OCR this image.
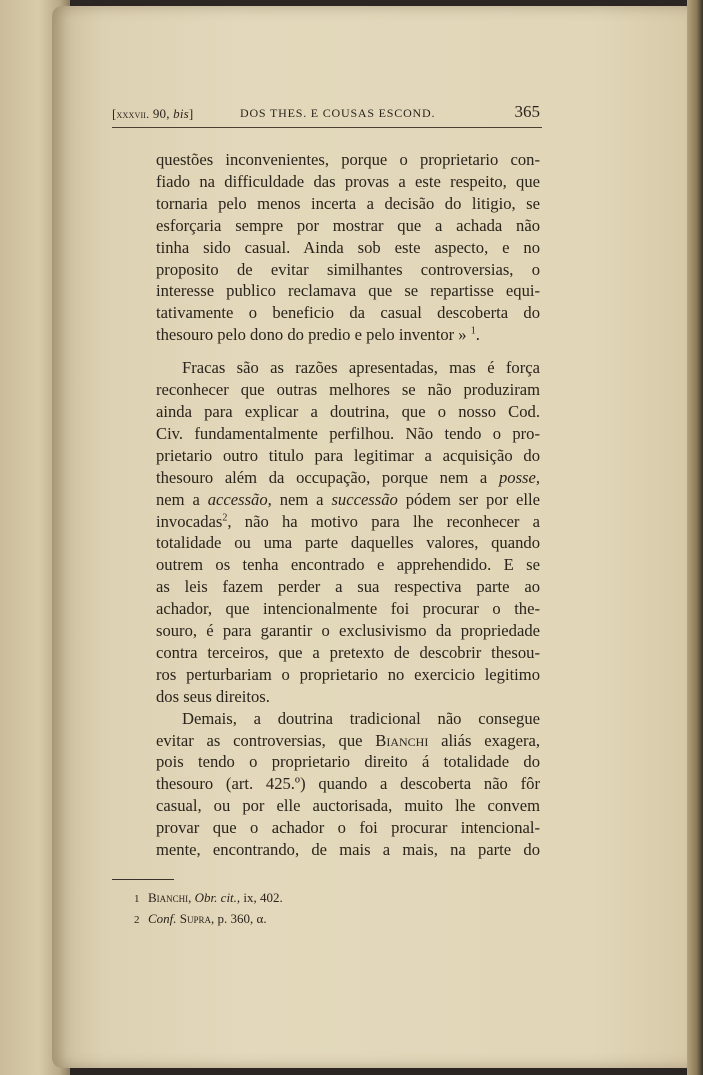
[xxxvii. 90, bis]	DOS THES. E COUSAS ESCOND.	365
questões inconvenientes, porque o proprietario con-
fiado na difficuldade das provas a este respeito, que
tornaria pelo menos incerta a decisão do litigio, se
esforçaria sempre por mostrar que a achada não
tinha sido casual. Ainda sob este aspecto, e no
proposito de evitar similhantes controversias, o
interesse publico reclamava que se repartisse equi-
tativamente o beneficio da casual descoberta do
thesouro pelo dono do predio e pelo inventor » $^1$.
Fracas são as razões apresentadas, mas é força
reconhecer que outras melhores se não produziram
ainda para explicar a doutrina, que o nosso Cod.
Civ. fundamentalmente perfilhou. Não tendo o pro-
prietario outro titulo para legitimar a acquisição do
thesouro além da occupação, porque nem a posse,
nem a accessão, nem a successão pódem ser por elle
invocadas$^2$, não ha motivo para lhe reconhecer a
totalidade ou uma parte daquelles valores, quando
outrem os tenha encontrado e apprehendido. E se
as leis fazem perder a sua respectiva parte ao
achador, que intencionalmente foi procurar o the-
souro, é para garantir o exclusivismo da propriedade
contra terceiros, que a pretexto de descobrir thesou-
ros perturbariam o proprietario no exercicio legitimo
dos seus direitos.
Demais, a doutrina tradicional não consegue
evitar as controversias, que Bianchi aliás exagera,
pois tendo o proprietario direito á totalidade do
thesouro (art. 425.º) quando a descoberta não fôr
casual, ou por elle auctorisada, muito lhe convem
provar que o achador o foi procurar intencional-
mente, encontrando, de mais a mais, na parte do
1 Bianchi, Obr. cit., ix, 402.
2 Conf. Supra, p. 360, α.
